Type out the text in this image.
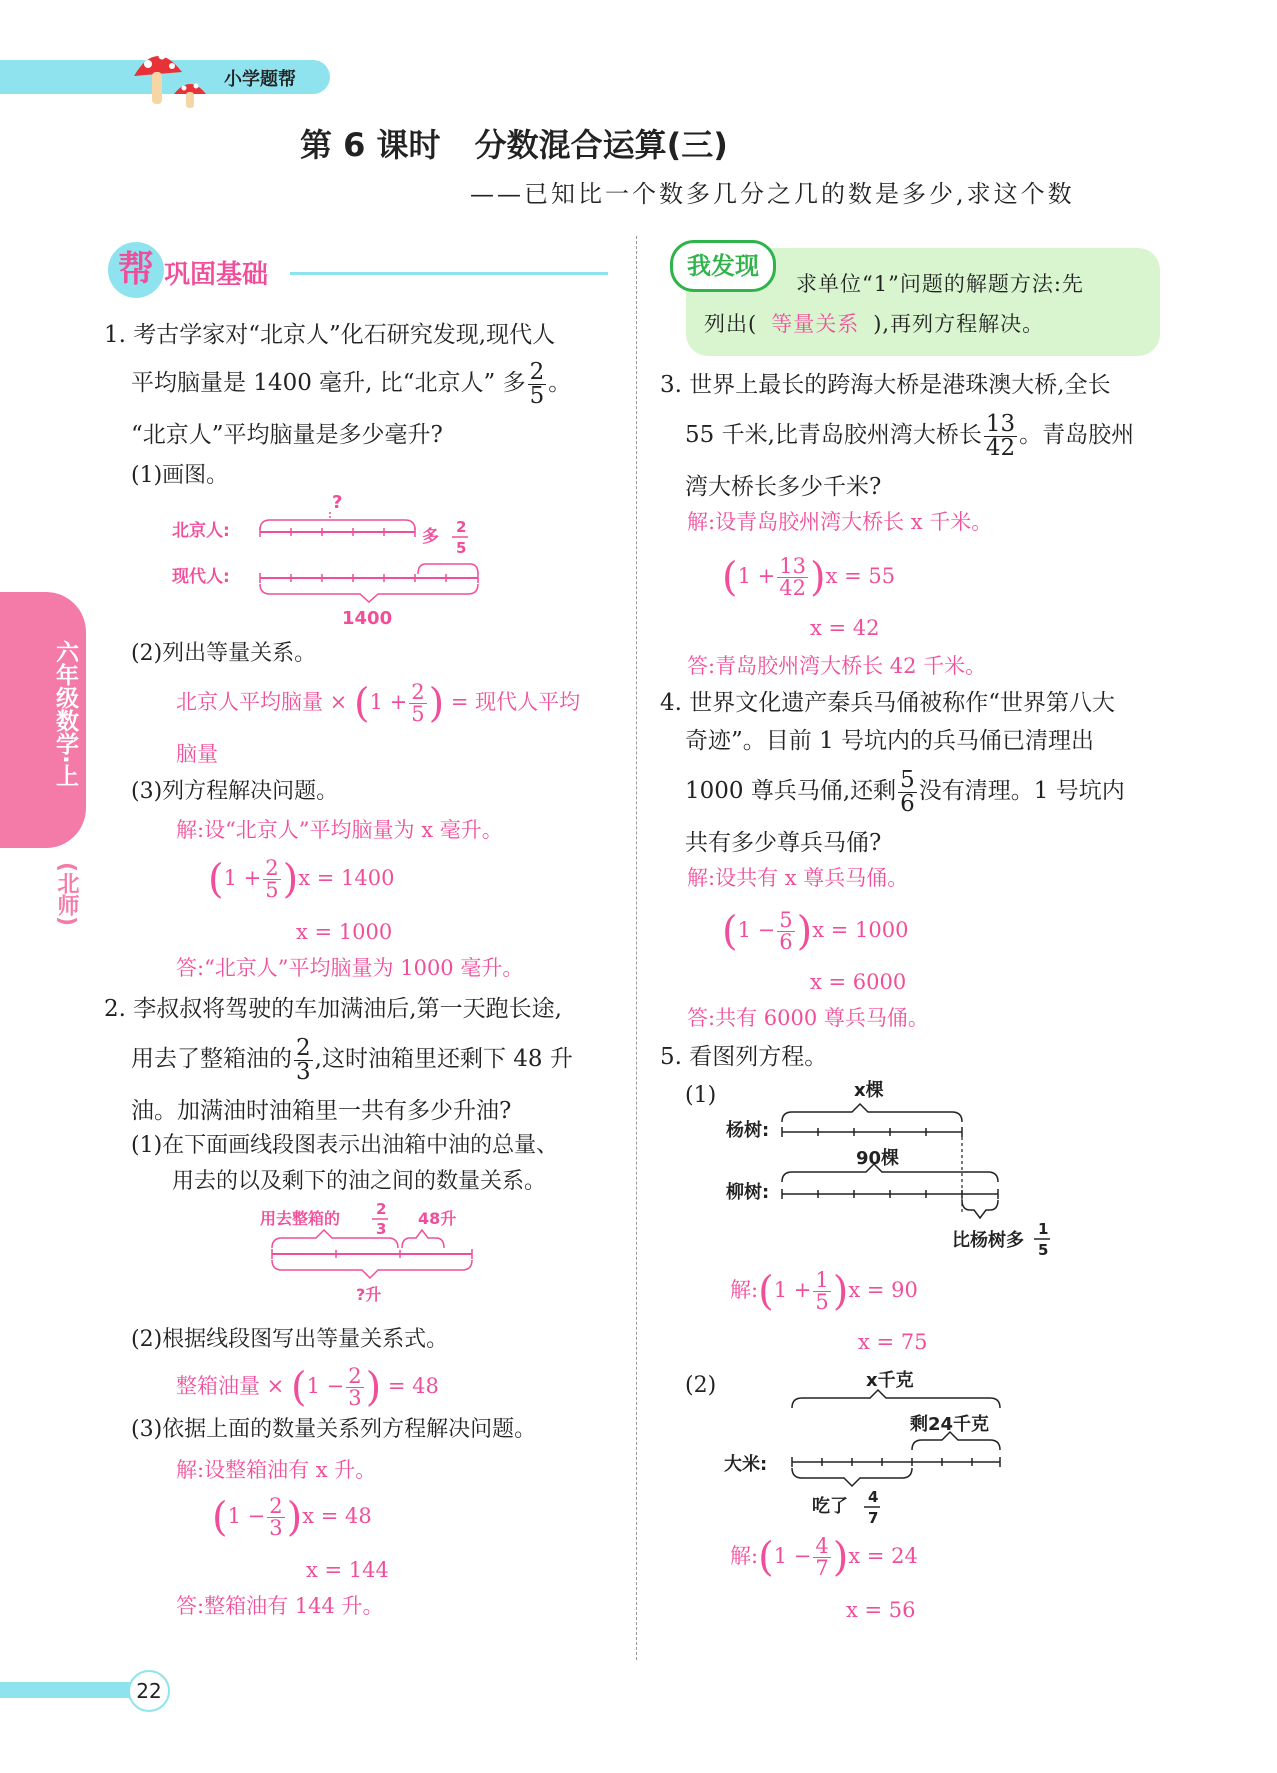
小学题帮
第 6 课时 分数混合运算(三)
——已知比一个数多几分之几的数是多少,求这个数
六年级数学·上
(北师)
帮 巩固基础
1. 考古学家对“北京人”化石研究发现,现代人
平均脑量是 1400 毫升, 比“北京人” 多 $\frac{2}{5}$ 。
“北京人”平均脑量是多少毫升?
(1)画图。
北京人:
现代人:
?
多 2
5
1400
(2)列出等量关系。
北京人平均脑量 × ($1 + \frac{2}{5}$ ) = 现代人平均
脑量
(3)列方程解决问题。
解:设“北京人”平均脑量为 x 毫升。
$(1 + \frac{2}{5} )x = 1400$
x = 1000
答:“北京人”平均脑量为 1000 毫升。
2. 李叔叔将驾驶的车加满油后,第一天跑长途,
用去了整箱油的 $\frac{2}{3}$ ,这时油箱里还剩下 48 升
油。加满油时油箱里一共有多少升油?
(1)在下面画线段图表示出油箱中油的总量、
用去的以及剩下的油之间的数量关系。
用去整箱的 2
3
48升
?升
(2)根据线段图写出等量关系式。
整箱油量 × ($1 - \frac{2}{3}$ ) = 48
(3)依据上面的数量关系列方程解决问题。
解:设整箱油有 x 升。
$(1 - \frac{2}{3} )x = 48$
x = 144
答:整箱油有 144 升。
我发现
求单位“1”问题的解题方法:先
列出( 等量关系 ),再列方程解决。
3. 世界上最长的跨海大桥是港珠澳大桥,全长
55 千米,比青岛胶州湾大桥长 $\frac{13}{42}$ 。青岛胶州
湾大桥长多少千米?
解:设青岛胶州湾大桥长 x 千米。
$(1 + \frac{13}{42} )x = 55$
x = 42
答:青岛胶州湾大桥长 42 千米。
4. 世界文化遗产秦兵马俑被称作“世界第八大
奇迹”。目前 1 号坑内的兵马俑已清理出
1000 尊兵马俑,还剩 $\frac{5}{6}$ 没有清理。1 号坑内
共有多少尊兵马俑?
解:设共有 x 尊兵马俑。
$(1 - \frac{5}{6} )x = 1000$
x = 6000
答:共有 6000 尊兵马俑。
5. 看图列方程。
(1)	x棵
杨树:
90棵
柳树:
比杨树多
1
5
解:(1 + $\frac{1}{5} )x = 90$
x = 75
(2)	x千克
剩24千克
大米:
吃了 4
7
解:(1 − $\frac{4}{7} )x = 24$
x = 56
22
